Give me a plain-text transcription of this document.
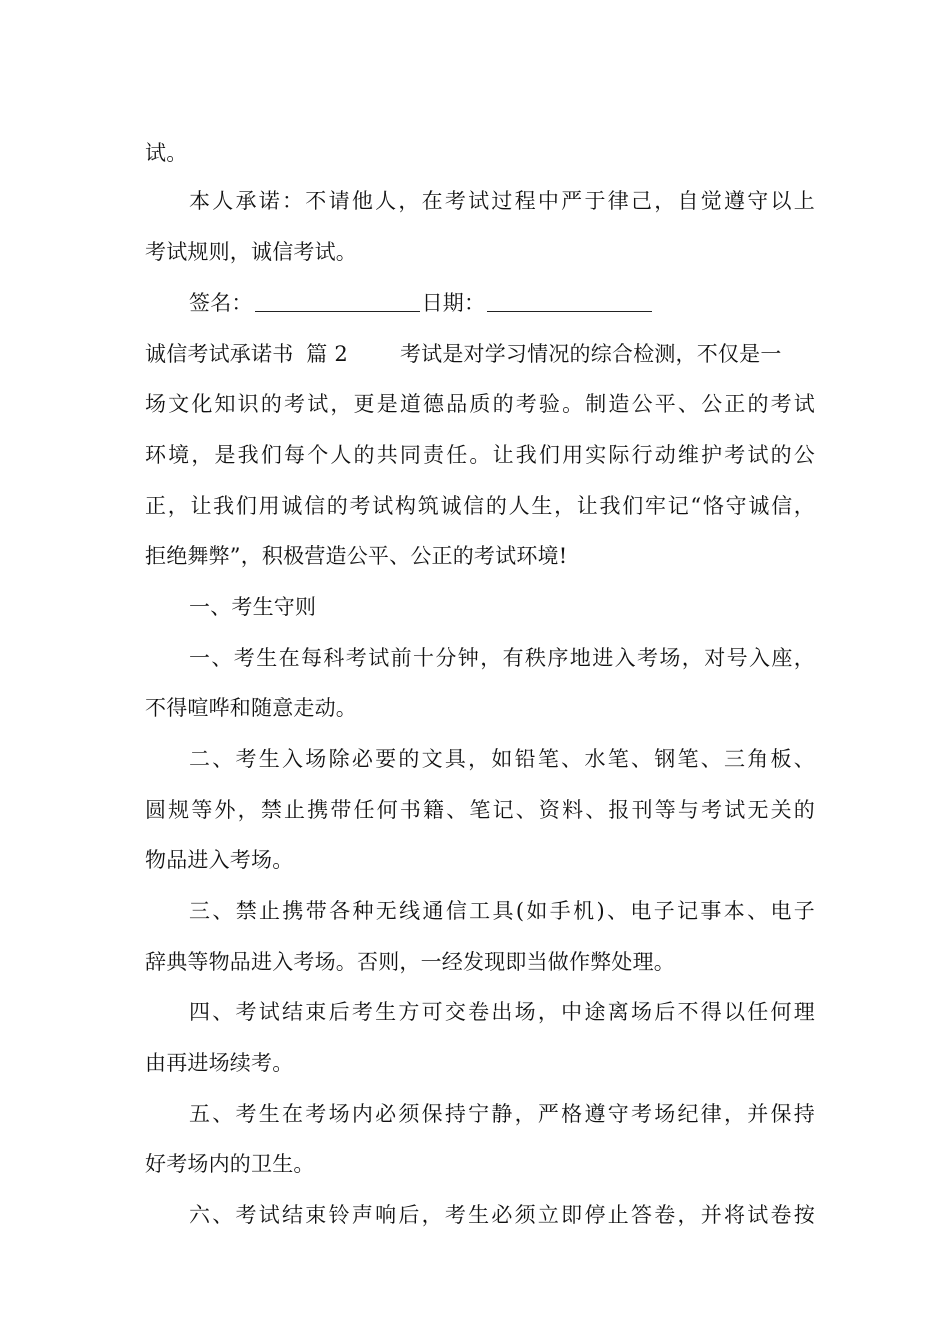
试。
本人承诺：不请他人，在考试过程中严于律己，自觉遵守以上
考试规则，诚信考试。
签名：	日期：
诚信考试承诺书 篇 2 考试是对学习情况的综合检测，不仅是一
场文化知识的考试，更是道德品质的考验。制造公平、公正的考试
环境，是我们每个人的共同责任。让我们用实际行动维护考试的公
正，让我们用诚信的考试构筑诚信的人生，让我们牢记“恪守诚信，
拒绝舞弊”，积极营造公平、公正的考试环境!
一、考生守则
一、考生在每科考试前十分钟，有秩序地进入考场，对号入座，
不得喧哗和随意走动。
二、考生入场除必要的文具，如铅笔、水笔、钢笔、三角板、
圆规等外，禁止携带任何书籍、笔记、资料、报刊等与考试无关的
物品进入考场。
三、禁止携带各种无线通信工具(如手机)、电子记事本、电子
辞典等物品进入考场。否则，一经发现即当做作弊处理。
四、考试结束后考生方可交卷出场，中途离场后不得以任何理
由再进场续考。
五、考生在考场内必须保持宁静，严格遵守考场纪律，并保持
好考场内的卫生。
六、考试结束铃声响后，考生必须立即停止答卷，并将试卷按
